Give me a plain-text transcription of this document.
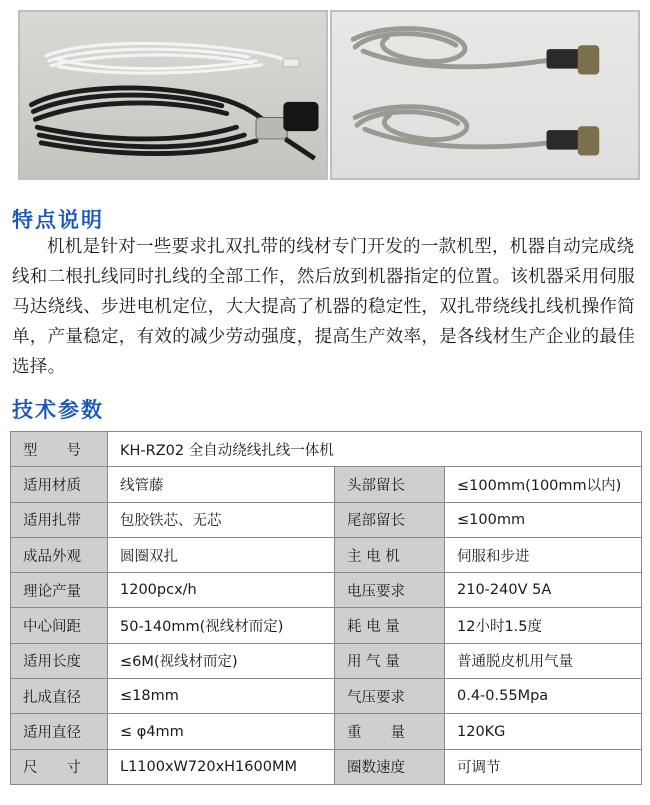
特点说明

机机是针对一些要求扎双扎带的线材专门开发的一款机型，机器自动完成绕线和二根扎线同时扎线的全部工作，然后放到机器指定的位置。该机器采用伺服马达绕线、步进电机定位，大大提高了机器的稳定性，双扎带绕线扎线机操作简单，产量稳定，有效的减少劳动强度，提高生产效率，是各线材生产企业的最佳选择。

技术参数
型　　号	KH-RZ02 全自动绕线扎线一体机		
适用材质	线管藤	头部留长	≤100mm(100mm以内)
适用扎带	包胶铁芯、无芯	尾部留长	≤100mm
成品外观	圆圈双扎	主 电 机	伺服和步进
理论产量	1200pcx/h	电压要求	210-240V 5A
中心间距	50-140mm(视线材而定)	耗 电 量	12小时1.5度
适用长度	≤6M(视线材而定)	用 气 量	普通脱皮机用气量
扎成直径	≤18mm	气压要求	0.4-0.55Mpa
适用直径	≤ φ4mm	重　　量	120KG
尺　　寸	L1100xW720xH1600MM	圈数速度	可调节
